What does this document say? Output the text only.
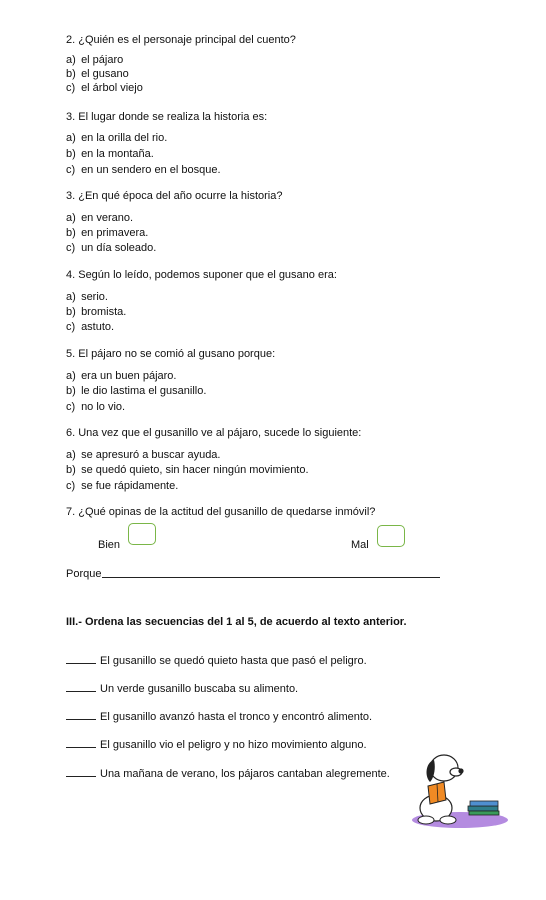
2. ¿Quién es el personaje principal del cuento?
a) el pájaro
b) el gusano
c) el árbol viejo
3. El lugar donde se realiza la historia es:
a) en la orilla del rio.
b) en la montaña.
c) en un sendero en el bosque.
3. ¿En qué época del año ocurre la historia?
a) en verano.
b) en primavera.
c) un día soleado.
4. Según lo leído, podemos suponer que el gusano era:
a) serio.
b) bromista.
c) astuto.
5. El pájaro no se comió al gusano porque:
a) era un buen pájaro.
b) le dio lastima el gusanillo.
c) no lo vio.
6. Una vez que el gusanillo ve al pájaro, sucede lo siguiente:
a) se apresuró a buscar ayuda.
b) se quedó quieto, sin hacer ningún movimiento.
c) se fue rápidamente.
7. ¿Qué opinas de la actitud del gusanillo de quedarse inmóvil?
Bien	Mal
Porque
III.- Ordena las secuencias del 1 al 5, de acuerdo al texto anterior.
El gusanillo se quedó quieto hasta que pasó el peligro.
Un verde gusanillo buscaba su alimento.
El gusanillo avanzó hasta el tronco y encontró alimento.
El gusanillo vio el peligro y no hizo movimiento alguno.
Una mañana de verano, los pájaros cantaban alegremente.
